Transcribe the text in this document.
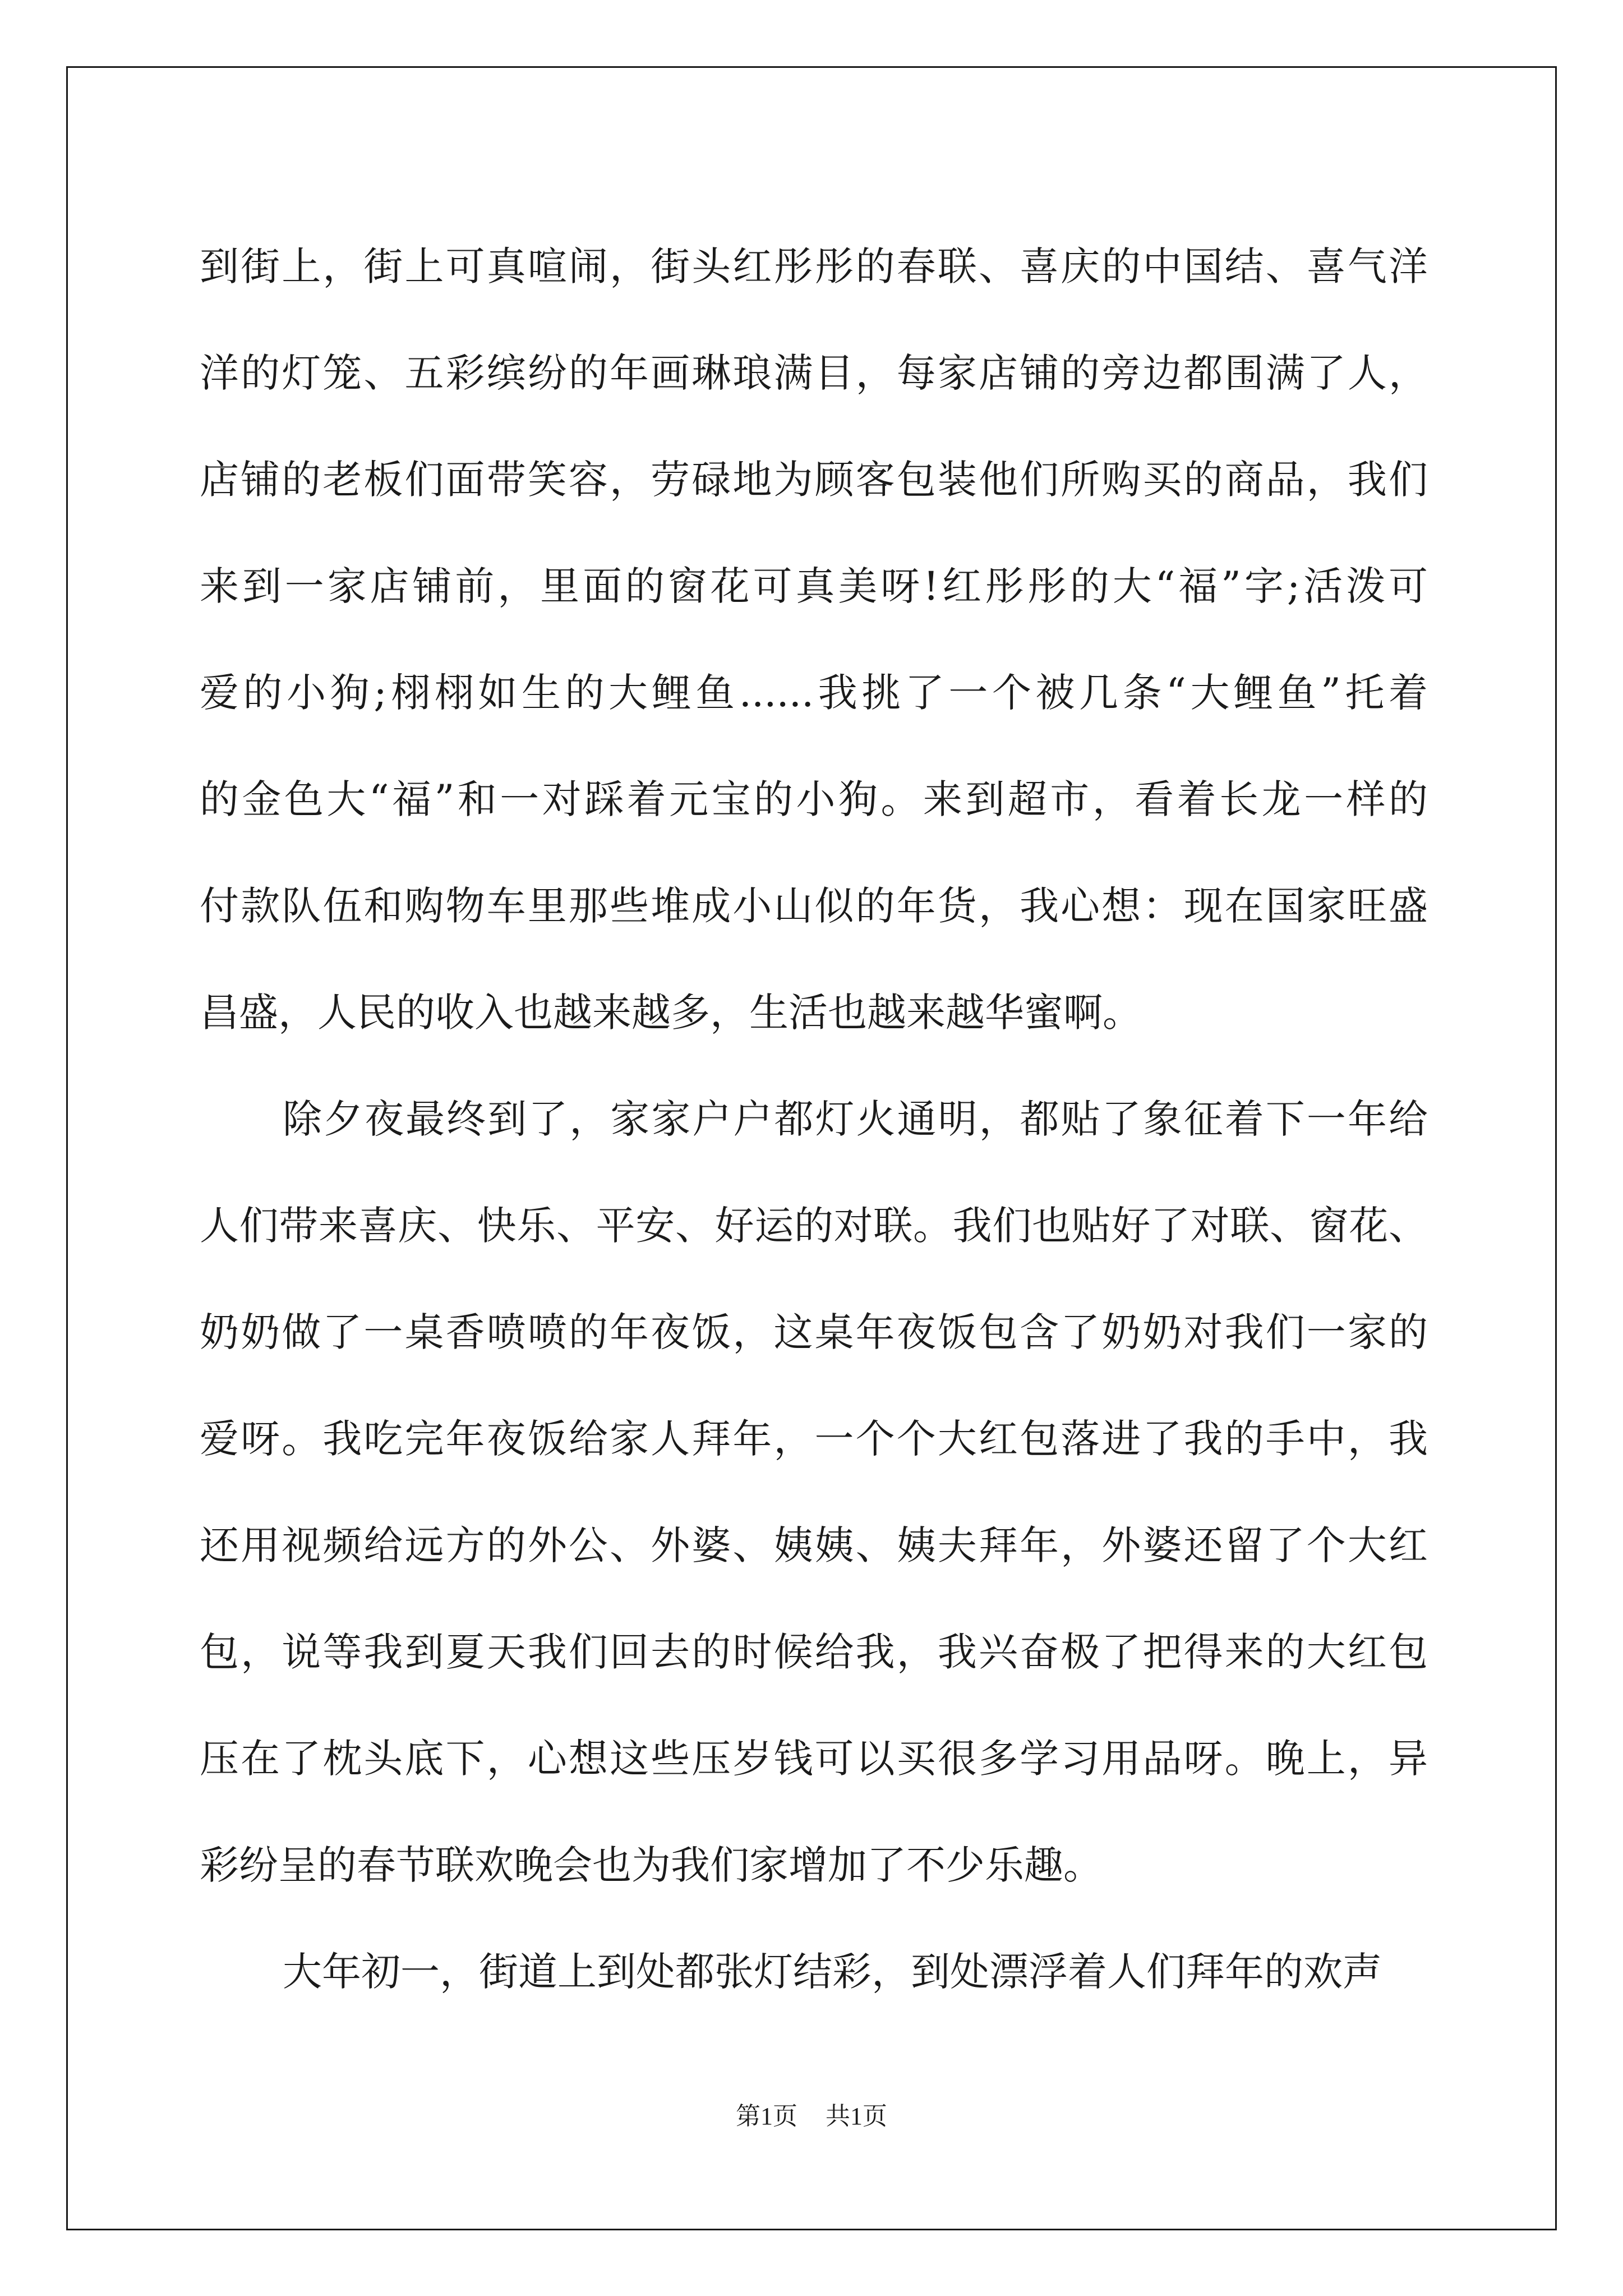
到街上，街上可真喧闹，街头红彤彤的春联、喜庆的中国结、喜气洋
洋的灯笼、五彩缤纷的年画琳琅满目，每家店铺的旁边都围满了人，
店铺的老板们面带笑容，劳碌地为顾客包装他们所购买的商品，我们
来到一家店铺前，里面的窗花可真美呀!红彤彤的大“福”字;活泼可
爱的小狗;栩栩如生的大鲤鱼......我挑了一个被几条“大鲤鱼”托着
的金色大“福”和一对踩着元宝的小狗。来到超市，看着长龙一样的
付款队伍和购物车里那些堆成小山似的年货，我心想：现在国家旺盛
昌盛，人民的收入也越来越多，生活也越来越华蜜啊。
除夕夜最终到了，家家户户都灯火通明，都贴了象征着下一年给
人们带来喜庆、快乐、平安、好运的对联。我们也贴好了对联、窗花、
奶奶做了一桌香喷喷的年夜饭，这桌年夜饭包含了奶奶对我们一家的
爱呀。我吃完年夜饭给家人拜年，一个个大红包落进了我的手中，我
还用视频给远方的外公、外婆、姨姨、姨夫拜年，外婆还留了个大红
包，说等我到夏天我们回去的时候给我，我兴奋极了把得来的大红包
压在了枕头底下，心想这些压岁钱可以买很多学习用品呀。晚上，异
彩纷呈的春节联欢晚会也为我们家增加了不少乐趣。
大年初一，街道上到处都张灯结彩，到处漂浮着人们拜年的欢声
第1页 共1页
